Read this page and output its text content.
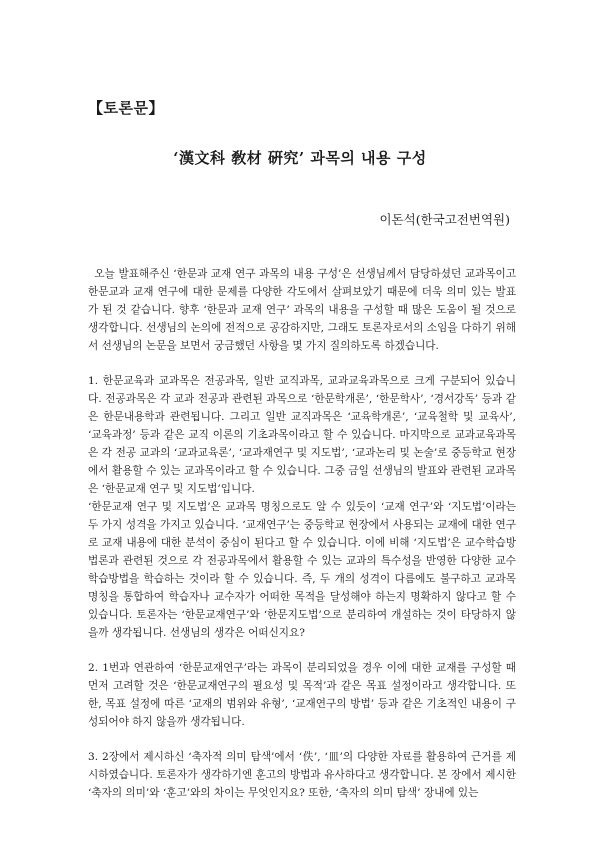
【토론문】
‘漢文科 敎材 硏究’ 과목의 내용 구성
이돈석(한국고전번역원)

오늘 발표해주신 ‘한문과 교재 연구 과목의 내용 구성’은 선생님께서 담당하셨던 교과목이고 한문교과 교재 연구에 대한 문제를 다양한 각도에서 살펴보았기 때문에 더욱 의미 있는 발표가 된 것 같습니다. 향후 ‘한문과 교재 연구’ 과목의 내용을 구성할 때 많은 도움이 될 것으로 생각합니다. 선생님의 논의에 전적으로 공감하지만, 그래도 토론자로서의 소임을 다하기 위해서 선생님의 논문을 보면서 궁금했던 사항을 몇 가지 질의하도록 하겠습니다.

1. 한문교육과 교과목은 전공과목, 일반 교직과목, 교과교육과목으로 크게 구분되어 있습니다. 전공과목은 각 교과 전공과 관련된 과목으로 ‘한문학개론’, ‘한문학사’, ‘경서강독’ 등과 같은 한문내용학과 관련됩니다. 그리고 일반 교직과목은 ‘교육학개론’, ‘교육철학 및 교육사’, ‘교육과정’ 등과 같은 교직 이론의 기초과목이라고 할 수 있습니다. 마지막으로 교과교육과목은 각 전공 교과의 ‘교과교육론’, ‘교과재연구 및 지도법’, ‘교과논리 및 논술’로 중등학교 현장에서 활용할 수 있는 교과목이라고 할 수 있습니다. 그중 금일 선생님의 발표와 관련된 교과목은 ‘한문교재 연구 및 지도법’입니다.

‘한문교재 연구 및 지도법’은 교과목 명칭으로도 알 수 있듯이 ‘교재 연구’와 ‘지도법’이라는 두 가지 성격을 가지고 있습니다. ‘교재연구’는 중등학교 현장에서 사용되는 교재에 대한 연구로 교재 내용에 대한 분석이 중심이 된다고 할 수 있습니다. 이에 비해 ‘지도법’은 교수학습방법론과 관련된 것으로 각 전공과목에서 활용할 수 있는 교과의 특수성을 반영한 다양한 교수 학습방법을 학습하는 것이라 할 수 있습니다. 즉, 두 개의 성격이 다름에도 불구하고 교과목 명칭을 통합하여 학습자나 교수자가 어떠한 목적을 달성해야 하는지 명확하지 않다고 할 수 있습니다. 토론자는 ‘한문교재연구’와 ‘한문지도법’으로 분리하여 개설하는 것이 타당하지 않을까 생각됩니다. 선생님의 생각은 어떠신지요?

2. 1번과 연관하여 ‘한문교재연구’라는 과목이 분리되었을 경우 이에 대한 교재를 구성할 때 먼저 고려할 것은 ‘한문교재연구의 필요성 및 목적’과 같은 목표 설정이라고 생각합니다. 또한, 목표 설정에 따른 ‘교재의 범위와 유형’, ‘교재연구의 방법’ 등과 같은 기초적인 내용이 구성되어야 하지 않을까 생각됩니다.

3. 2장에서 제시하신 ‘축자적 의미 탐색’에서 ‘佚’, ‘皿’의 다양한 자료를 활용하여 근거를 제시하였습니다. 토론자가 생각하기엔 훈고의 방법과 유사하다고 생각합니다. 본 장에서 제시한 ‘축자의 의미’와 ‘훈고’와의 차이는 무엇인지요? 또한, ‘축자의 의미 탐색’ 장내에 있는
